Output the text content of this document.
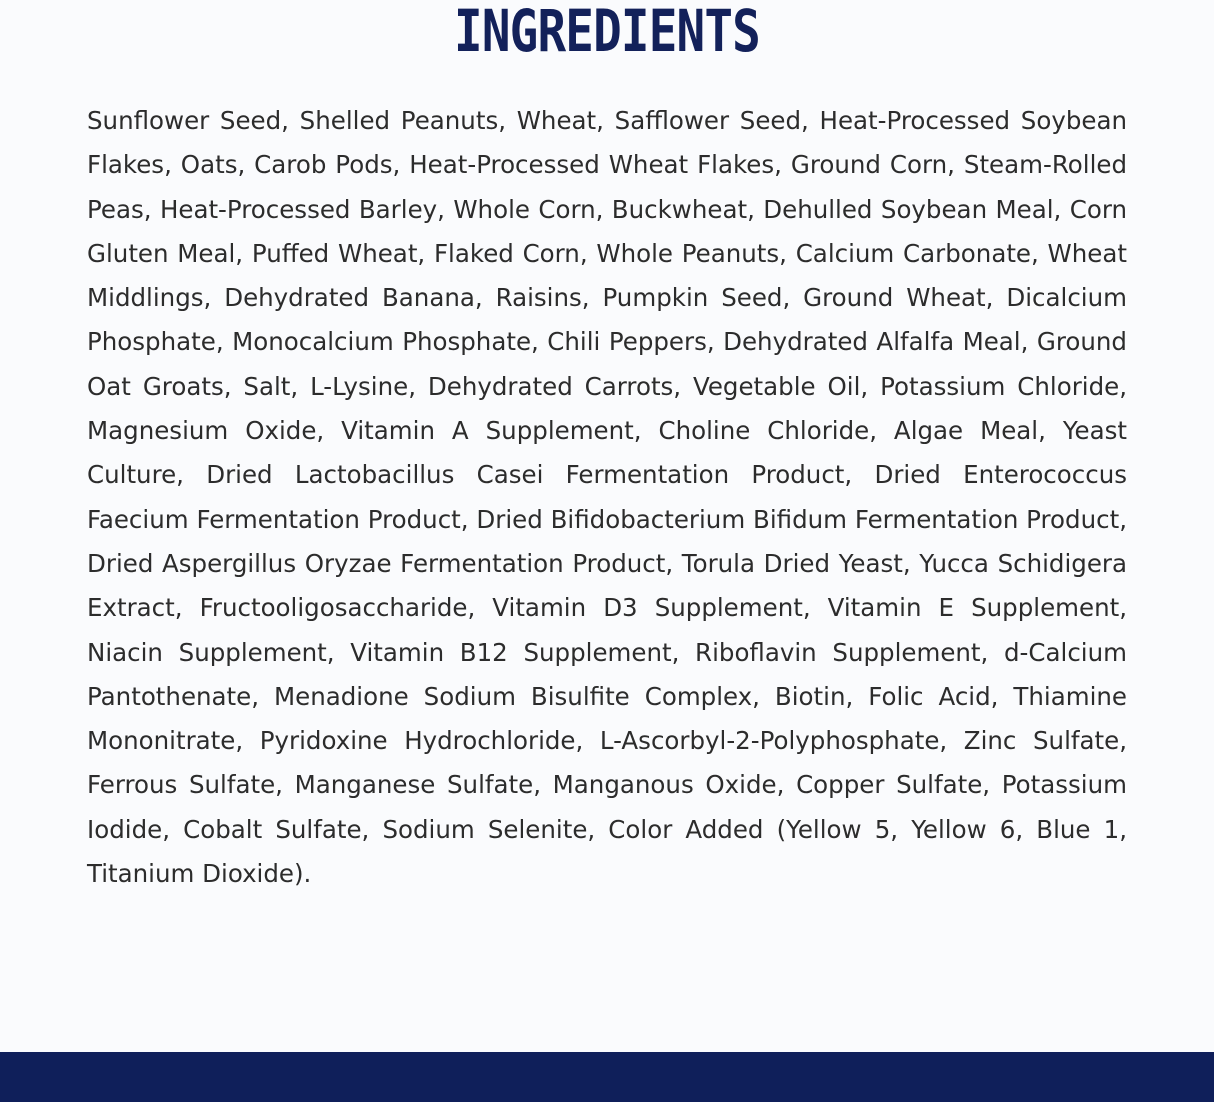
INGREDIENTS

Sunflower Seed, Shelled Peanuts, Wheat, Safflower Seed, Heat-Processed Soybean Flakes, Oats, Carob Pods, Heat-Processed Wheat Flakes, Ground Corn, Steam-Rolled Peas, Heat-Processed Barley, Whole Corn, Buckwheat, Dehulled Soybean Meal, Corn Gluten Meal, Puffed Wheat, Flaked Corn, Whole Peanuts, Calcium Carbonate, Wheat Middlings, Dehydrated Banana, Raisins, Pumpkin Seed, Ground Wheat, Dicalcium Phosphate, Monocalcium Phosphate, Chili Peppers, Dehydrated Alfalfa Meal, Ground Oat Groats, Salt, L-Lysine, Dehydrated Carrots, Vegetable Oil, Potassium Chloride, Magnesium Oxide, Vitamin A Supplement, Choline Chloride, Algae Meal, Yeast Culture, Dried Lactobacillus Casei Fermentation Product, Dried Enterococcus Faecium Fermentation Product, Dried Bifidobacterium Bifidum Fermentation Product, Dried Aspergillus Oryzae Fermentation Product, Torula Dried Yeast, Yucca Schidigera Extract, Fructooligosaccharide, Vitamin D3 Supplement, Vitamin E Supplement, Niacin Supplement, Vitamin B12 Supplement, Riboflavin Supplement, d-Calcium Pantothenate, Menadione Sodium Bisulfite Complex, Biotin, Folic Acid, Thiamine Mononitrate, Pyridoxine Hydrochloride, L-Ascorbyl-2-Polyphosphate, Zinc Sulfate, Ferrous Sulfate, Manganese Sulfate, Manganous Oxide, Copper Sulfate, Potassium Iodide, Cobalt Sulfate, Sodium Selenite, Color Added (Yellow 5, Yellow 6, Blue 1, Titanium Dioxide).
